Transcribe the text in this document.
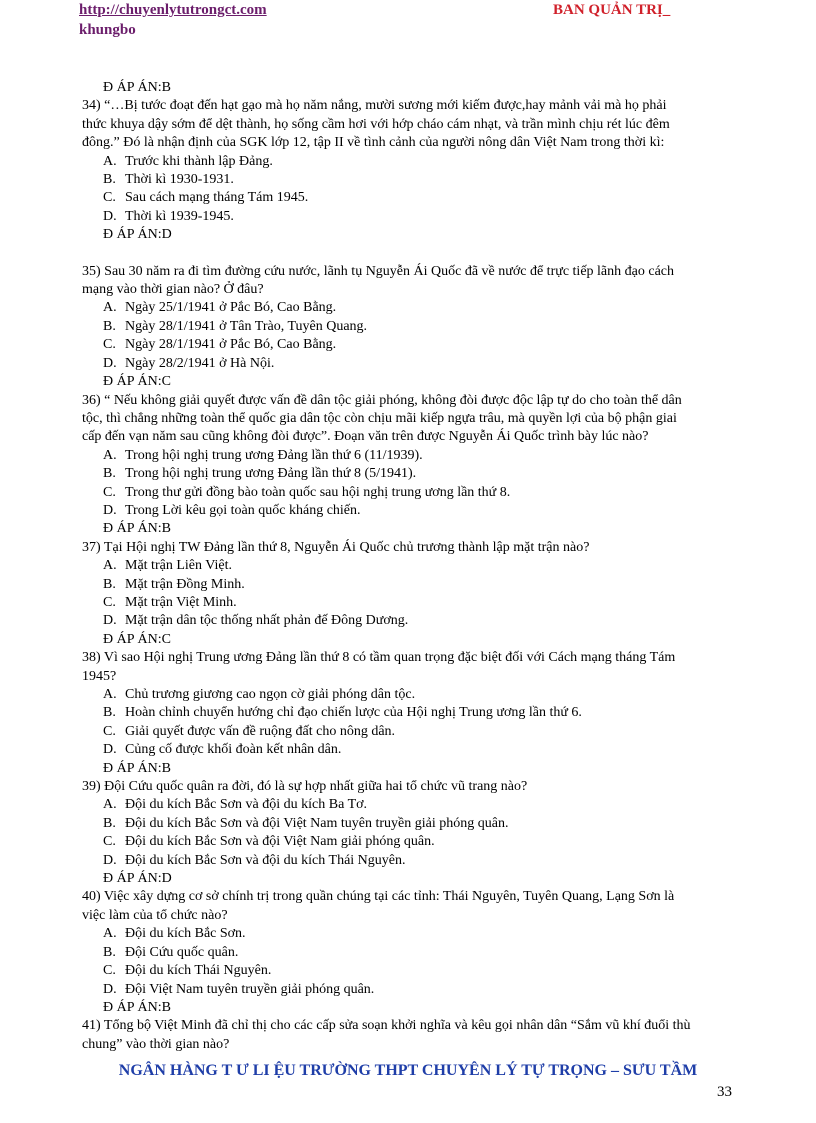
http://chuyenlytutrongct.com	BAN QUẢN TRỊ_
khungbo
Đ ÁP ÁN:B
34) “…Bị tước đoạt đến hạt gạo mà họ năm nắng, mười sương mới kiếm được,hay mảnh vải mà họ phải
thức khuya dậy sớm để dệt thành, họ sống cầm hơi với hớp cháo cám nhạt, và trần mình chịu rét lúc đêm
đông.” Đó là nhận định của SGK lớp 12, tập II về tình cảnh của người nông dân Việt Nam trong thời kì:
A. Trước khi thành lập Đảng.
B. Thời kì 1930-1931.
C. Sau cách mạng tháng Tám 1945.
D. Thời kì 1939-1945.
Đ ÁP ÁN:D
35) Sau 30 năm ra đi tìm đường cứu nước, lãnh tụ Nguyễn Ái Quốc đã về nước để trực tiếp lãnh đạo cách
mạng vào thời gian nào? Ở đâu?
A. Ngày 25/1/1941 ở Pắc Bó, Cao Bằng.
B. Ngày 28/1/1941 ở Tân Trào, Tuyên Quang.
C. Ngày 28/1/1941 ở Pắc Bó, Cao Bằng.
D. Ngày 28/2/1941 ở Hà Nội.
Đ ÁP ÁN:C
36) “ Nếu không giải quyết được vấn đề dân tộc giải phóng, không đòi được độc lập tự do cho toàn thể dân
tộc, thì chẳng những toàn thể quốc gia dân tộc còn chịu mãi kiếp ngựa trâu, mà quyền lợi của bộ phận giai
cấp đến vạn năm sau cũng không đòi được”. Đoạn văn trên được Nguyễn Ái Quốc trình bày lúc nào?
A. Trong hội nghị trung ương Đảng lần thứ 6 (11/1939).
B. Trong hội nghị trung ương Đảng lần thứ 8 (5/1941).
C. Trong thư gửi đồng bào toàn quốc sau hội nghị trung ương lần thứ 8.
D. Trong Lời kêu gọi toàn quốc kháng chiến.
Đ ÁP ÁN:B
37) Tại Hội nghị TW Đảng lần thứ 8, Nguyễn Ái Quốc chủ trương thành lập mặt trận nào?
A. Mặt trận Liên Việt.
B. Mặt trận Đồng Minh.
C. Mặt trận Việt Minh.
D. Mặt trận dân tộc thống nhất phản đế Đông Dương.
Đ ÁP ÁN:C
38) Vì sao Hội nghị Trung ương Đảng lần thứ 8 có tầm quan trọng đặc biệt đối với Cách mạng tháng Tám
1945?
A. Chủ trương giương cao ngọn cờ giải phóng dân tộc.
B. Hoàn chỉnh chuyển hướng chỉ đạo chiến lược của Hội nghị Trung ương lần thứ 6.
C. Giải quyết được vấn đề ruộng đất cho nông dân.
D. Củng cố được khối đoàn kết nhân dân.
Đ ÁP ÁN:B
39) Đội Cứu quốc quân ra đời, đó là sự hợp nhất giữa hai tổ chức vũ trang nào?
A. Đội du kích Bắc Sơn và đội du kích Ba Tơ.
B. Đội du kích Bắc Sơn và đội Việt Nam tuyên truyền giải phóng quân.
C. Đội du kích Bắc Sơn và đội Việt Nam giải phóng quân.
D. Đội du kích Bắc Sơn và đội du kích Thái Nguyên.
Đ ÁP ÁN:D
40) Việc xây dựng cơ sở chính trị trong quần chúng tại các tỉnh: Thái Nguyên, Tuyên Quang, Lạng Sơn là
việc làm của tổ chức nào?
A. Đội du kích Bắc Sơn.
B. Đội Cứu quốc quân.
C. Đội du kích Thái Nguyên.
D. Đội Việt Nam tuyên truyền giải phóng quân.
Đ ÁP ÁN:B
41) Tổng bộ Việt Minh đã chỉ thị cho các cấp sửa soạn khởi nghĩa và kêu gọi nhân dân “Sắm vũ khí đuổi thù
chung” vào thời gian nào?
NGÂN HÀNG T Ư LI ỆU TRƯỜNG THPT CHUYÊN LÝ TỰ TRỌNG – SƯU TẦM
33
